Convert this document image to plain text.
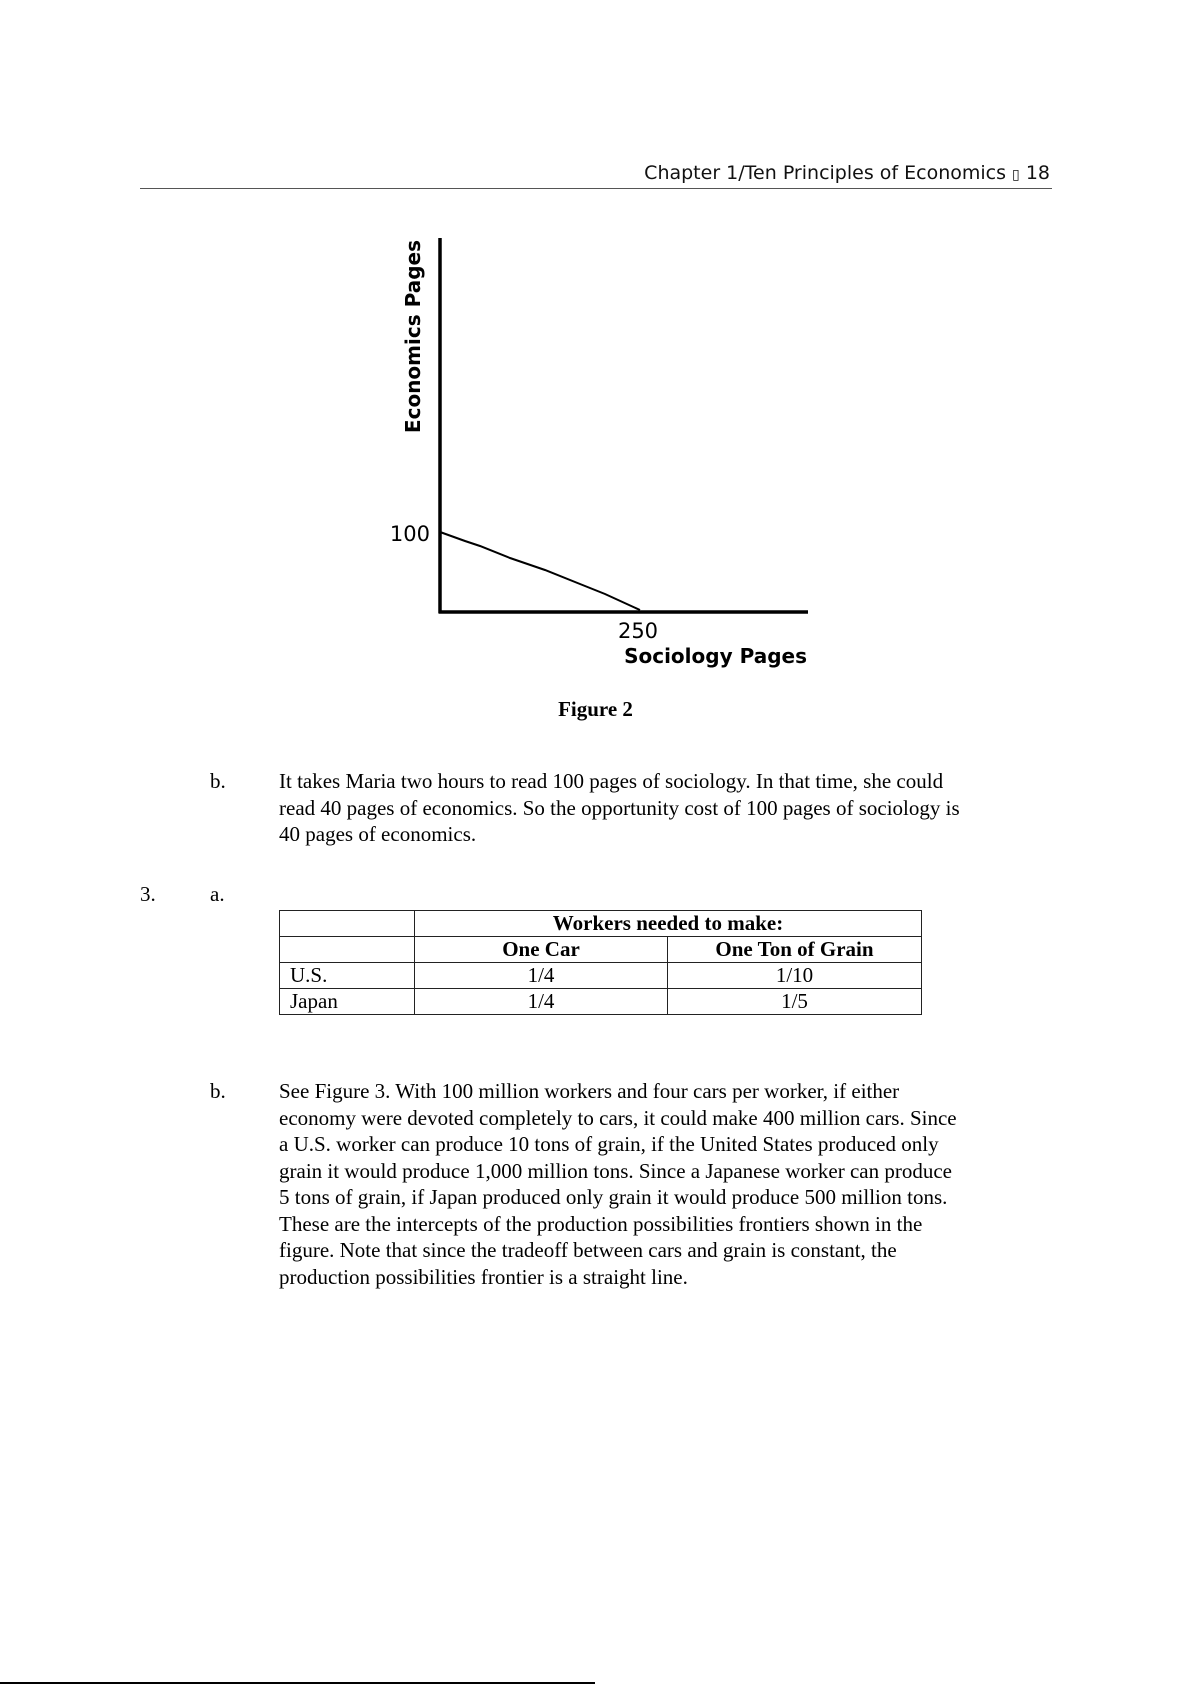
Chapter 1/Ten Principles of Economics ▯ 18
100
250
Sociology Pages
Economics Pages
Figure 2
b.	It takes Maria two hours to read 100 pages of sociology. In that time, she could
read 40 pages of economics. So the opportunity cost of 100 pages of sociology is
40 pages of economics.
3.	a.
	Workers needed to make:	
	One Car	One Ton of Grain
U.S.	1/4	1/10
Japan	1/4	1/5
b.	See Figure 3. With 100 million workers and four cars per worker, if either
economy were devoted completely to cars, it could make 400 million cars. Since
a U.S. worker can produce 10 tons of grain, if the United States produced only
grain it would produce 1,000 million tons. Since a Japanese worker can produce
5 tons of grain, if Japan produced only grain it would produce 500 million tons.
These are the intercepts of the production possibilities frontiers shown in the
figure. Note that since the tradeoff between cars and grain is constant, the
production possibilities frontier is a straight line.
